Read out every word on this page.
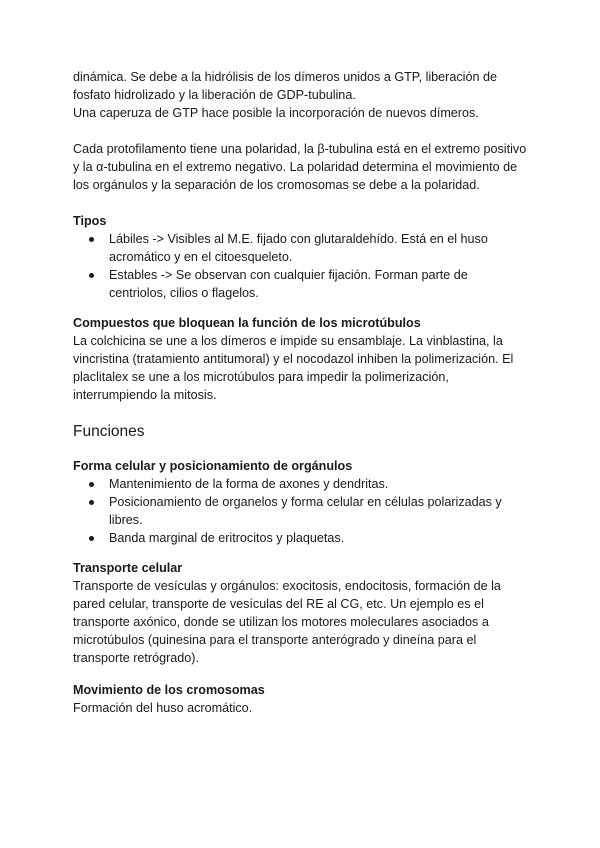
dinámica. Se debe a la hidrólisis de los dímeros unidos a GTP, liberación de

fosfato hidrolizado y la liberación de GDP-tubulina.

Una caperuza de GTP hace posible la incorporación de nuevos dímeros.

Cada protofilamento tiene una polaridad, la β-tubulina está en el extremo positivo y la α-tubulina en el extremo negativo. La polaridad determina el movimiento de los orgánulos y la separación de los cromosomas se debe a la polaridad.

Tipos
Lábiles -> Visibles al M.E. fijado con glutaraldehído. Está en el huso acromático y en el citoesqueleto.
Estables -> Se observan con cualquier fijación. Forman parte de centriolos, cilios o flagelos.
Compuestos que bloquean la función de los microtúbulos

La colchicina se une a los dímeros e impide su ensamblaje. La vinblastina, la vincristina (tratamiento antitumoral) y el nocodazol inhiben la polimerización. El placlitalex se une a los microtúbulos para impedir la polimerización, interrumpiendo la mitosis.

Funciones
Forma celular y posicionamiento de orgánulos
Mantenimiento de la forma de axones y dendritas.
Posicionamiento de organelos y forma celular en células polarizadas y libres.
Banda marginal de eritrocitos y plaquetas.
Transporte celular

Transporte de vesículas y orgánulos: exocitosis, endocitosis, formación de la pared celular, transporte de vesículas del RE al CG, etc. Un ejemplo es el transporte axónico, donde se utilizan los motores moleculares asociados a microtúbulos (quinesina para el transporte anterógrado y dineína para el transporte retrógrado).

Movimiento de los cromosomas

Formación del huso acromático.
